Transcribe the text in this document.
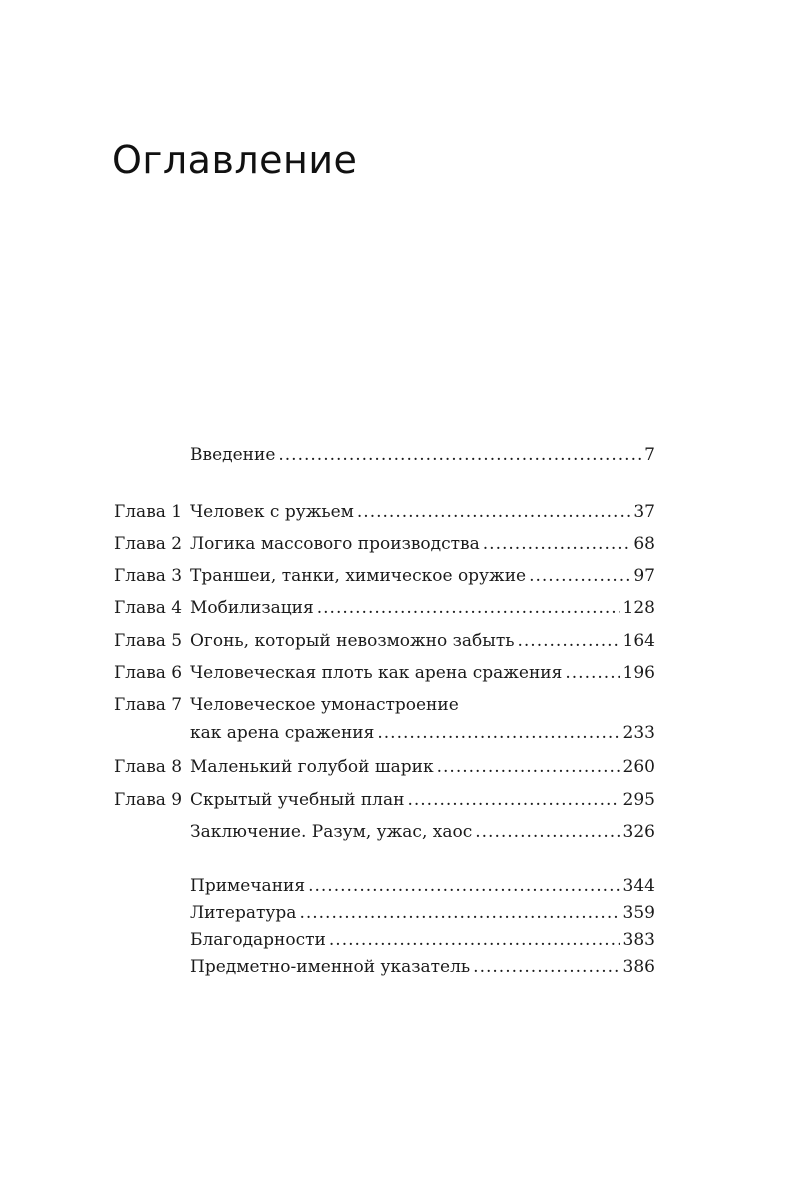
Оглавление
Введение .....	7
Глава 1 Человек с ружьем .....	37
Глава 2 Логика массового производства .....	68
Глава 3 Траншеи, танки, химическое оружие .....	97
Глава 4 Мобилизация .....	128
Глава 5 Огонь, который невозможно забыть .....	164
Глава 6 Человеческая плоть как арена сражения .....	196
Глава 7 Человеческое умонастроение
как арена сражения .....	233
Глава 8 Маленький голубой шарик .....	260
Глава 9 Скрытый учебный план .....	295
Заключение. Разум, ужас, хаос .....	326
Примечания .....	344
Литература .....	359
Благодарности .....	383
Предметно-именной указатель .....	386
